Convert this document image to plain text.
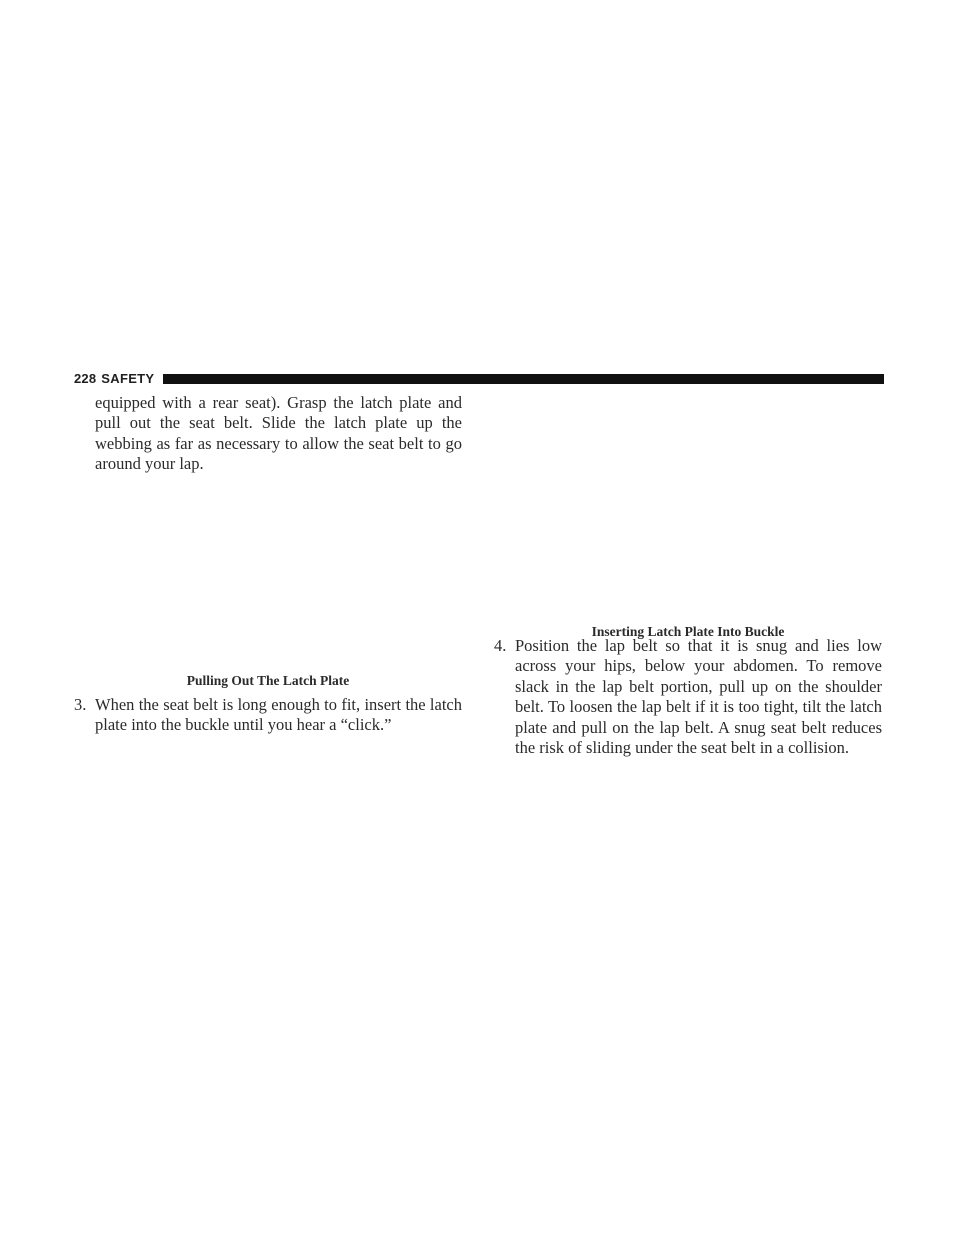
228 SAFETY

equipped with a rear seat). Grasp the latch plate and pull out the seat belt. Slide the latch plate up the webbing as far as necessary to allow the seat belt to go around your lap.

Pulling Out The Latch Plate

3. When the seat belt is long enough to fit, insert the latch plate into the buckle until you hear a “click.”

Inserting Latch Plate Into Buckle

4. Position the lap belt so that it is snug and lies low across your hips, below your abdomen. To remove slack in the lap belt portion, pull up on the shoulder belt. To loosen the lap belt if it is too tight, tilt the latch plate and pull on the lap belt. A snug seat belt reduces the risk of sliding under the seat belt in a collision.
